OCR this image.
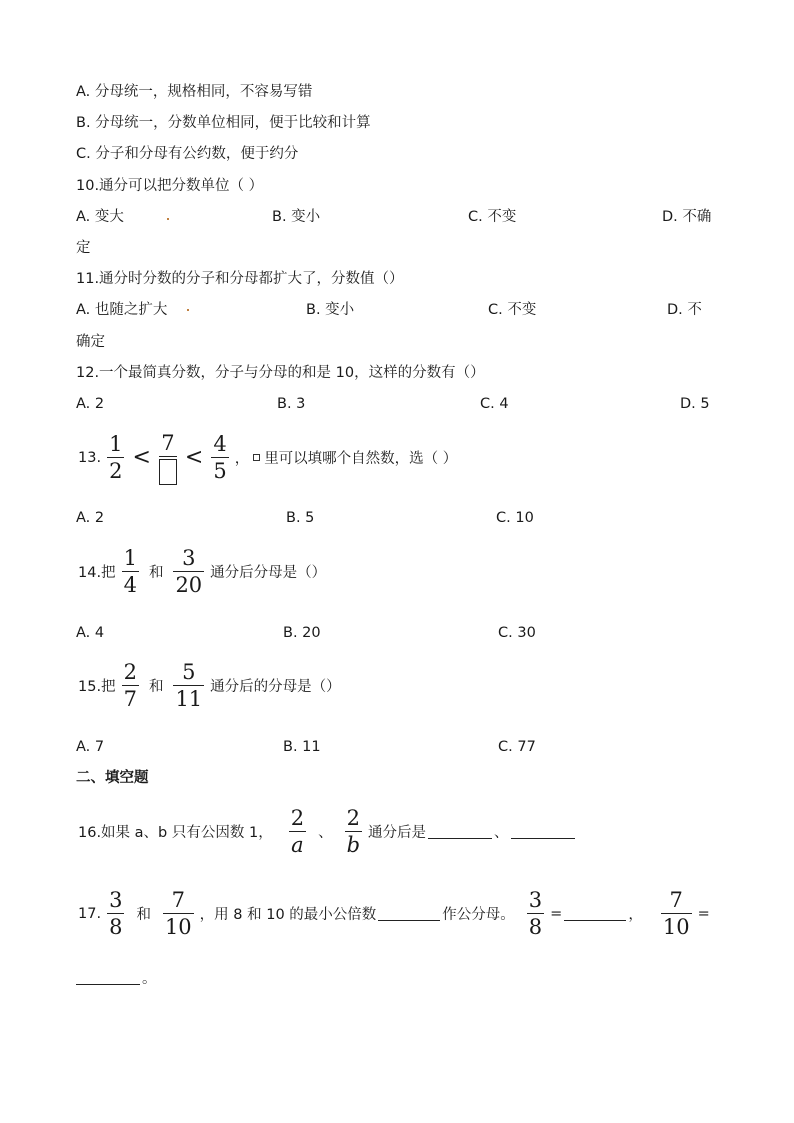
A. 分母统一，规格相同，不容易写错
B. 分母统一，分数单位相同，便于比较和计算
C. 分子和分母有公约数，便于约分
10.通分可以把分数单位（ ）
A. 变大	B. 变小	C. 不变	D. 不确
定
11.通分时分数的分子和分母都扩大了，分数值（）
A. 也随之扩大	B. 变小	C. 不变	D. 不
确定
12.一个最简真分数，分子与分母的和是 10，这样的分数有（）
A. 2	B. 3	C. 4	D. 5
13. $\frac{1}{2}$ <
7
< $\frac{4}{5}$ ， 里可以填哪个自然数，选（ ）
A. 2	B. 5	C. 10
14.把 $\frac{1}{4}$ 和 $\frac{3}{20}$ 通分后分母是（）
A. 4	B. 20	C. 30
15.把 $\frac{2}{7}$ 和 $\frac{5}{11}$ 通分后的分母是（）
A. 7	B. 11	C. 77
二、填空题
16.如果 a、b 只有公因数 1， $\frac{2}{a}$ 、 $\frac{2}{b}$ 通分后是	、
17. $\frac{3}{8}$ 和 $\frac{7}{10}$ ，用 8 和 10 的最小公倍数	作公分母。 $\frac{3}{8}$ =	， $\frac{7}{10}$ =
。
